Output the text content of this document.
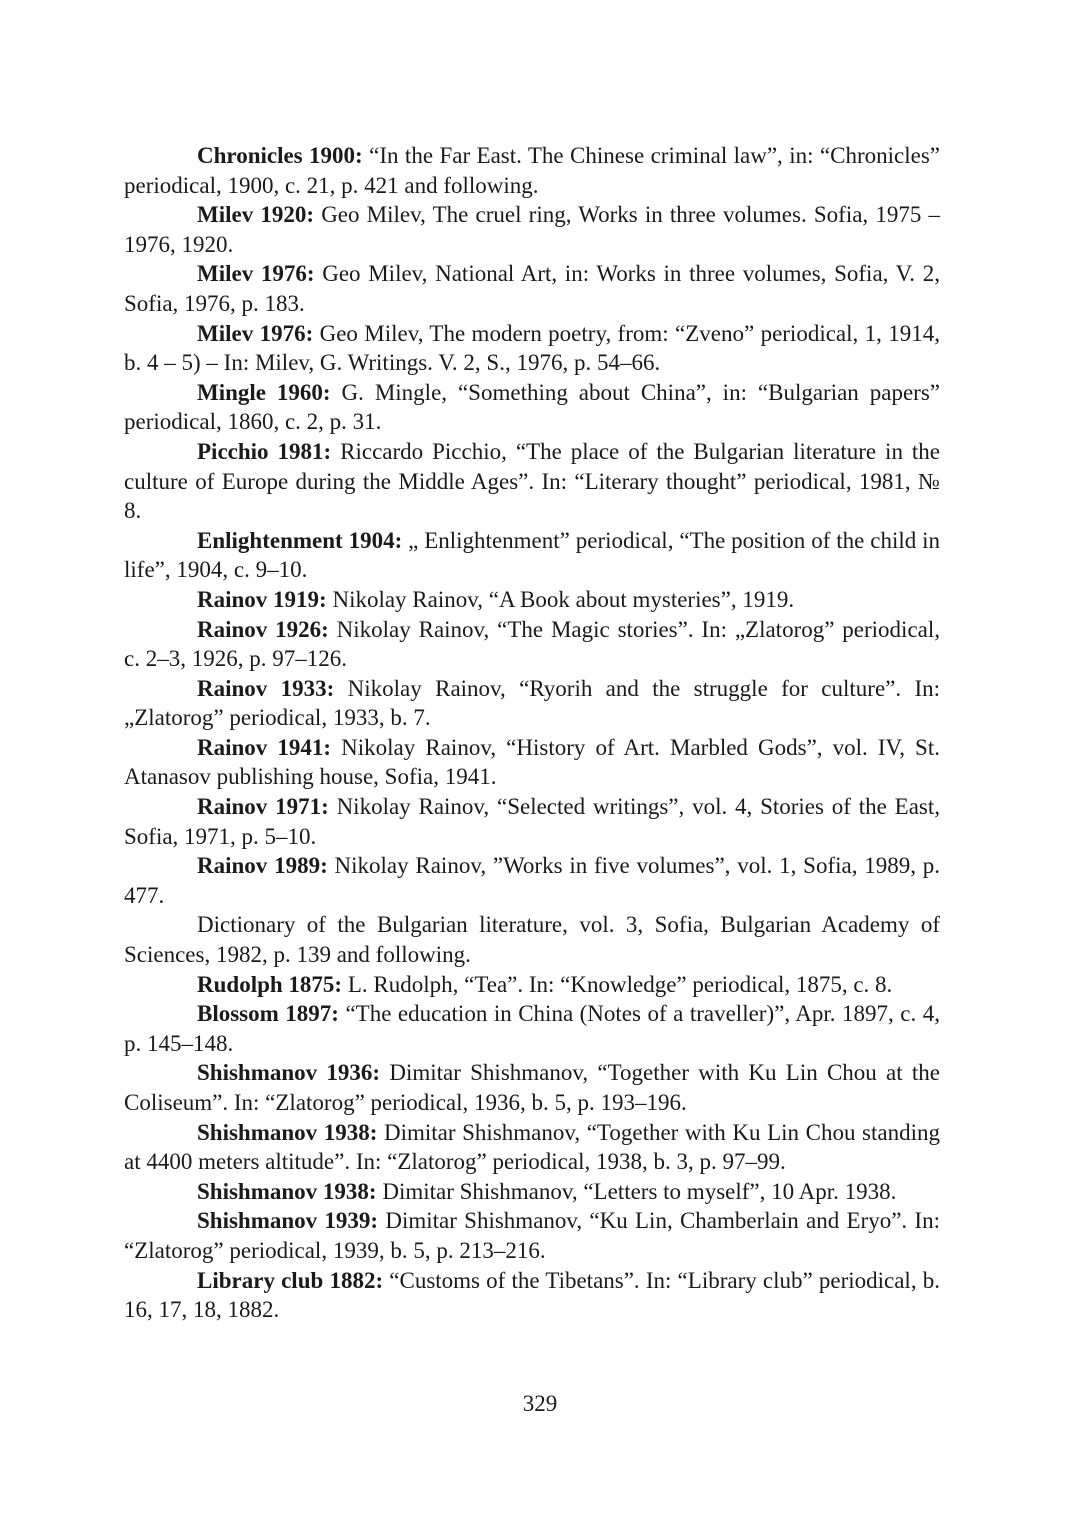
Chronicles 1900: “In the Far East. The Chinese criminal law”, in: “Chronicles” periodical, 1900, c. 21, p. 421 and following.

Milev 1920: Geo Milev, The cruel ring, Works in three volumes. Sofia, 1975 – 1976, 1920.

Milev 1976: Geo Milev, National Art, in: Works in three volumes, Sofia, V. 2, Sofia, 1976, p. 183.

Milev 1976: Geo Milev, The modern poetry, from: “Zveno” periodical, 1, 1914, b. 4 – 5) – In: Milev, G. Writings. V. 2, S., 1976, p. 54–66.

Mingle 1960: G. Mingle, “Something about China”, in: “Bulgarian papers” periodical, 1860, c. 2, p. 31.

Picchio 1981: Riccardo Picchio, “The place of the Bulgarian literature in the culture of Europe during the Middle Ages”. In: “Literary thought” periodical, 1981, № 8.

Enlightenment 1904: „ Enlightenment” periodical, “The position of the child in life”, 1904, c. 9–10.

Rainov 1919: Nikolay Rainov, “A Book about mysteries”, 1919.

Rainov 1926: Nikolay Rainov, “The Magic stories”. In: „Zlatorog” periodical, c. 2–3, 1926, p. 97–126.

Rainov 1933: Nikolay Rainov, “Ryorih and the struggle for culture”. In: „Zlatorog” periodical, 1933, b. 7.

Rainov 1941: Nikolay Rainov, “History of Art. Marbled Gods”, vol. IV, St. Atanasov publishing house, Sofia, 1941.

Rainov 1971: Nikolay Rainov, “Selected writings”, vol. 4, Stories of the East, Sofia, 1971, p. 5–10.

Rainov 1989: Nikolay Rainov, ”Works in five volumes”, vol. 1, Sofia, 1989, p. 477.

Dictionary of the Bulgarian literature, vol. 3, Sofia, Bulgarian Academy of Sciences, 1982, p. 139 and following.

Rudolph 1875: L. Rudolph, “Tea”. In: “Knowledge” periodical, 1875, c. 8.

Blossom 1897: “The education in China (Notes of a traveller)”, Apr. 1897, c. 4, p. 145–148.

Shishmanov 1936: Dimitar Shishmanov, “Together with Ku Lin Chou at the Coliseum”. In: “Zlatorog” periodical, 1936, b. 5, p. 193–196.

Shishmanov 1938: Dimitar Shishmanov, “Together with Ku Lin Chou standing at 4400 meters altitude”. In: “Zlatorog” periodical, 1938, b. 3, p. 97–99.

Shishmanov 1938: Dimitar Shishmanov, “Letters to myself”, 10 Apr. 1938.

Shishmanov 1939: Dimitar Shishmanov, “Ku Lin, Chamberlain and Eryo”. In: “Zlatorog” periodical, 1939, b. 5, p. 213–216.

Library club 1882: “Customs of the Tibetans”. In: “Library club” periodical, b. 16, 17, 18, 1882.

329
